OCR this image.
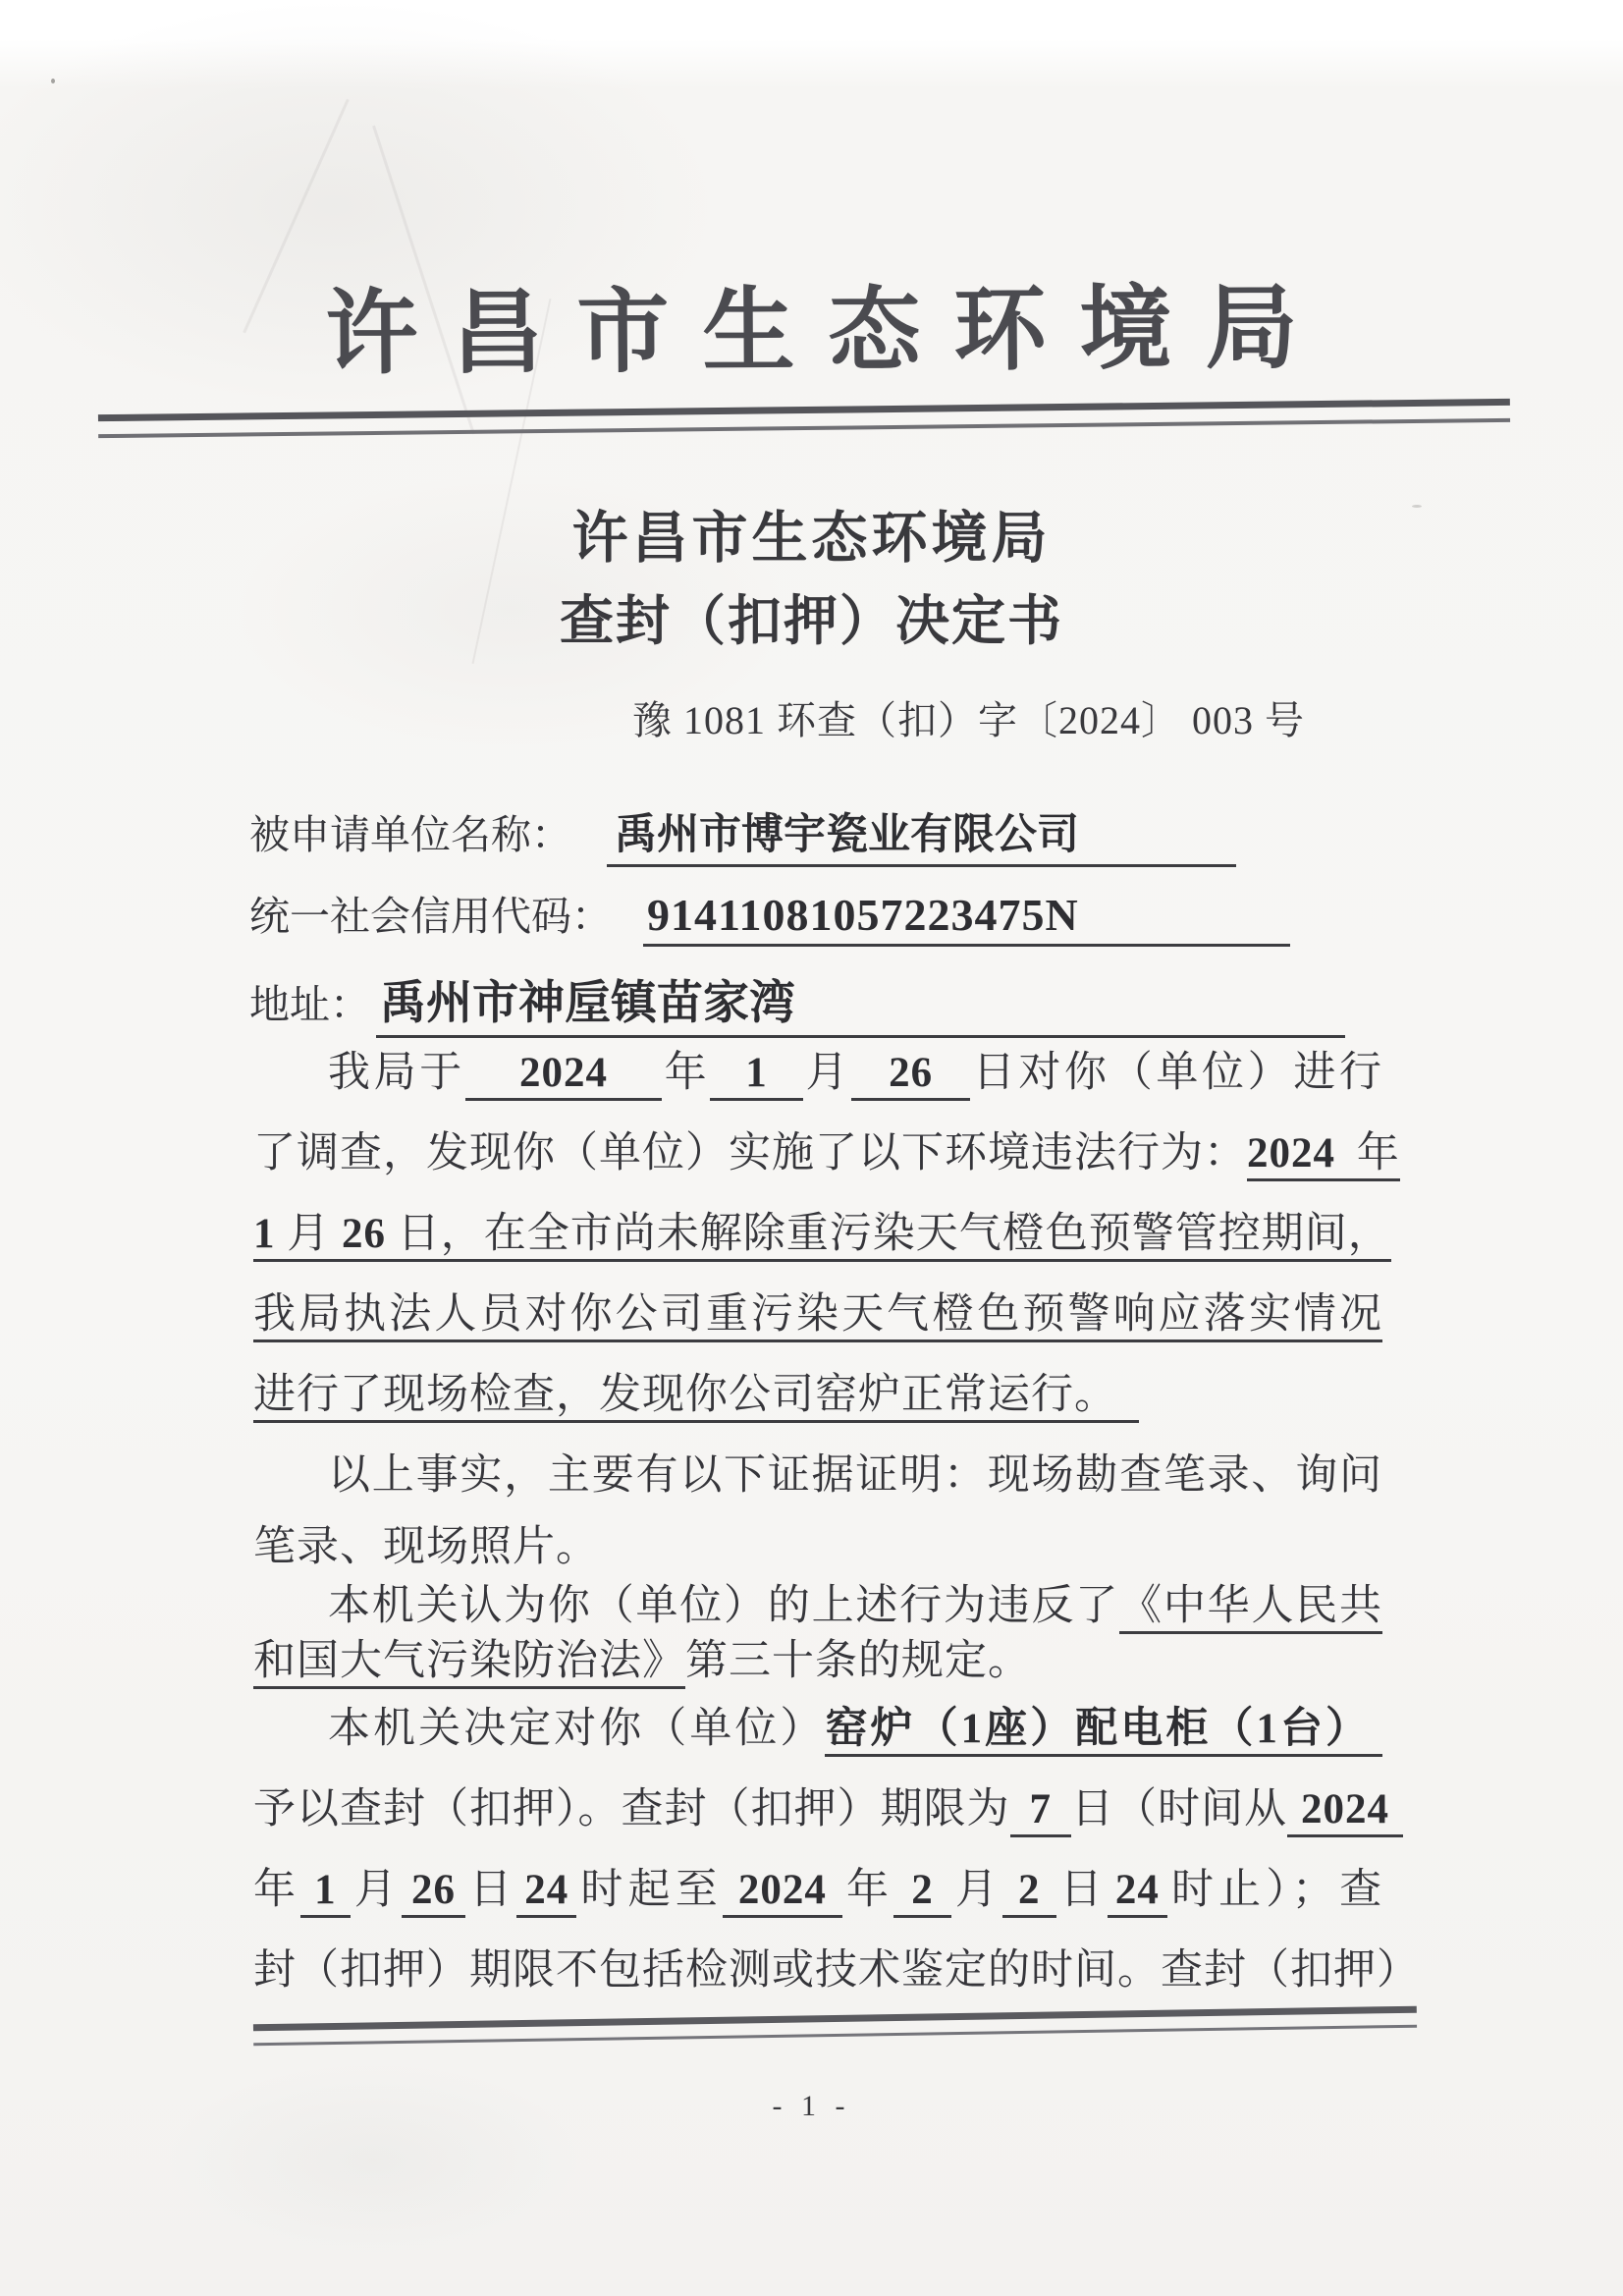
许昌市生态环境局
许昌市生态环境局
查封（扣押）决定书
豫 1081 环查（扣）字〔2024〕 003 号
被申请单位名称： 禹州市博宇瓷业有限公司
统一社会信用代码： 91411081057223475N
地址： 禹州市神垕镇苗家湾
我局于 2024 年 1 月 26 日对你（单位）进行
了调查，发现你（单位）实施了以下环境违法行为：2024 年
1 月 26 日，在全市尚未解除重污染天气橙色预警管控期间，
我局执法人员对你公司重污染天气橙色预警响应落实情况
进行了现场检查，发现你公司窑炉正常运行。
以上事实，主要有以下证据证明：现场勘查笔录、询问
笔录、现场照片。
本机关认为你（单位）的上述行为违反了《中华人民共
和国大气污染防治法》第三十条的规定。
本机关决定对你（单位）窑炉（1座）配电柜（1台）
予以查封（扣押）。查封（扣押）期限为 7 日（时间从 2024
年 1 月 26 日 24 时起至 2024 年 2 月 2 日 24 时止）；查
封（扣押）期限不包括检测或技术鉴定的时间。查封（扣押）
- 1 -
